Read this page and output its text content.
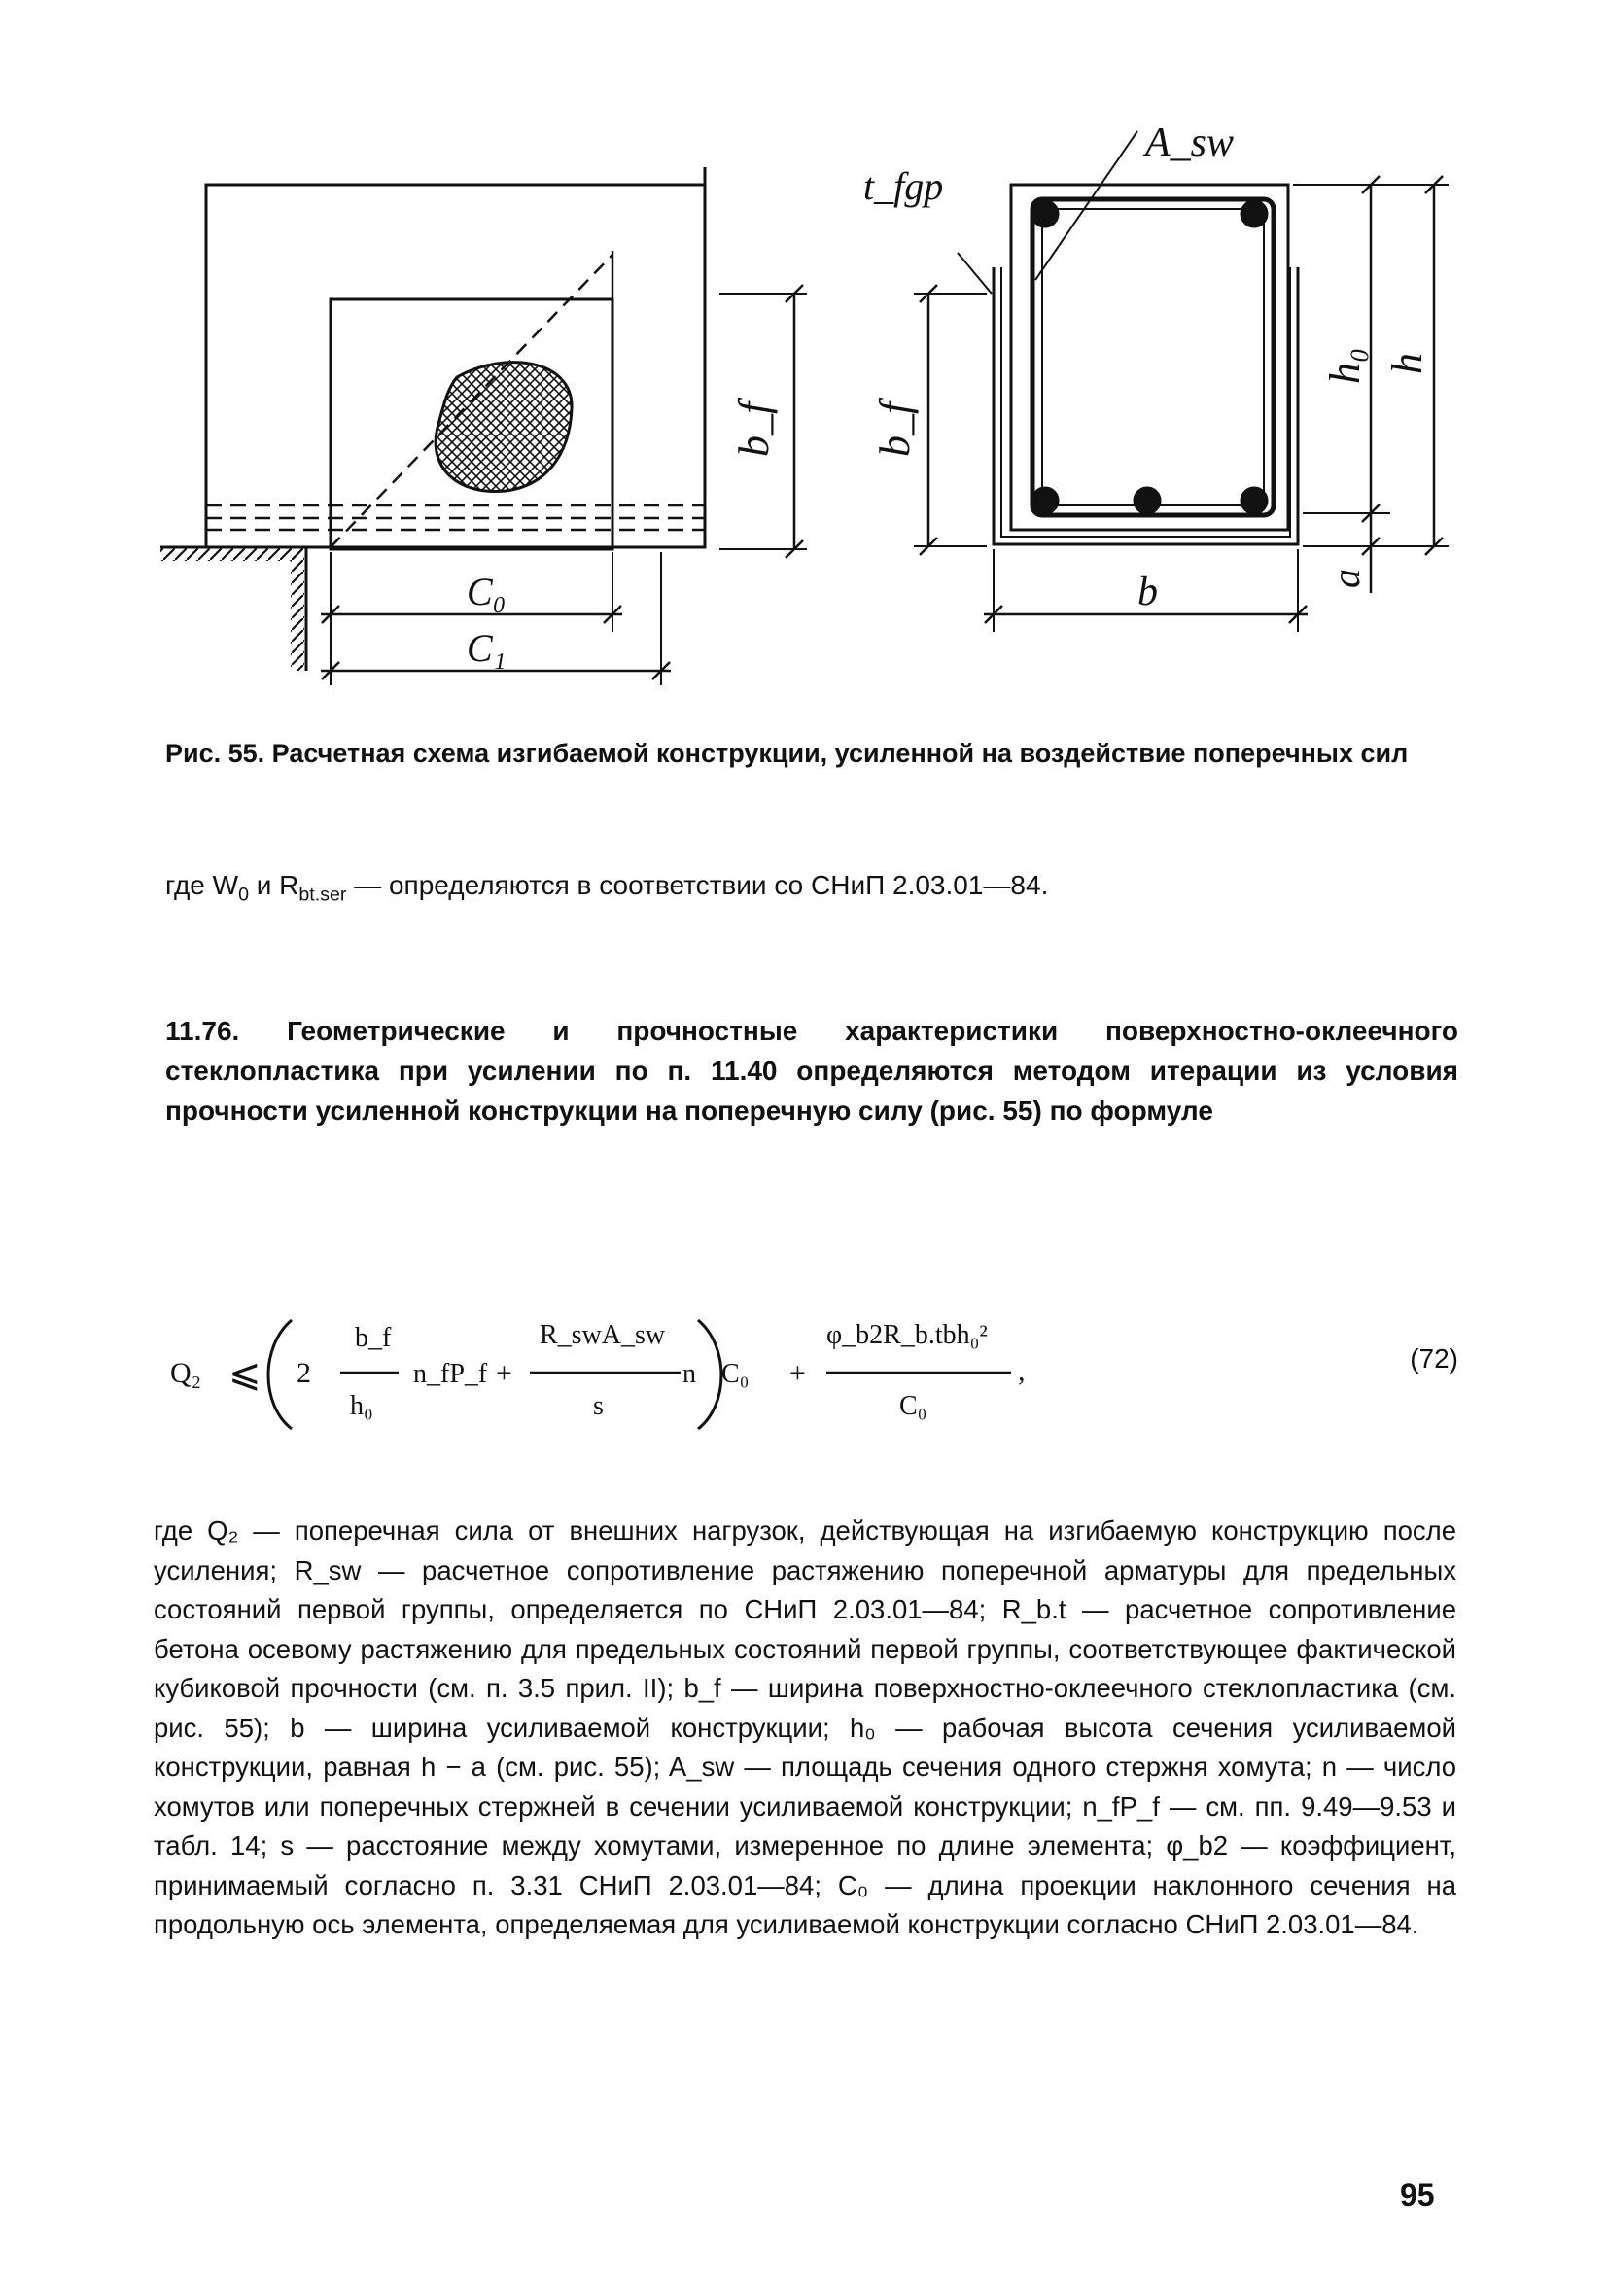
C₀
C₁
b_f
t_fgp
A_sw
b_f
h₀ h
b	a
Рис. 55. Расчетная схема изгибаемой конструкции, усиленной на воздействие поперечных сил
где $W_0$ и $R_{bt.ser}$ — определяются в соответствии со СНиП 2.03.01—84.
11.76. Геометрические и прочностные характеристики поверхностно-оклеечного стеклопластика при усилении по п. 11.40 определяются методом итерации из условия прочности усиленной конструкции на поперечную силу (рис. 55) по формуле
Q₂ ⩽ 2
b_f
h₀
n_fP_f +
R_swA_sw
s
n C₀ +
φ_b2R_b.tbh₀²
C₀
,	(72)
где Q₂ — поперечная сила от внешних нагрузок, действующая на изгибаемую конструкцию после усиления; R_sw — расчетное сопротивление растяжению поперечной арматуры для предельных состояний первой группы, определяется по СНиП 2.03.01—84; R_b.t — расчетное сопротивление бетона осевому растяжению для предельных состояний первой группы, соответствующее фактической кубиковой прочности (см. п. 3.5 прил. II); b_f — ширина поверхностно-оклеечного стеклопластика (см. рис. 55); b — ширина усиливаемой конструкции; h₀ — рабочая высота сечения усиливаемой конструкции, равная h − a (см. рис. 55); A_sw — площадь сечения одного стержня хомута; n — число хомутов или поперечных стержней в сечении усиливаемой конструкции; n_fP_f — см. пп. 9.49—9.53 и табл. 14; s — расстояние между хомутами, измеренное по длине элемента; φ_b2 — коэффициент, принимаемый согласно п. 3.31 СНиП 2.03.01—84; C₀ — длина проекции наклонного сечения на продольную ось элемента, определяемая для усиливаемой конструкции согласно СНиП 2.03.01—84.
95
